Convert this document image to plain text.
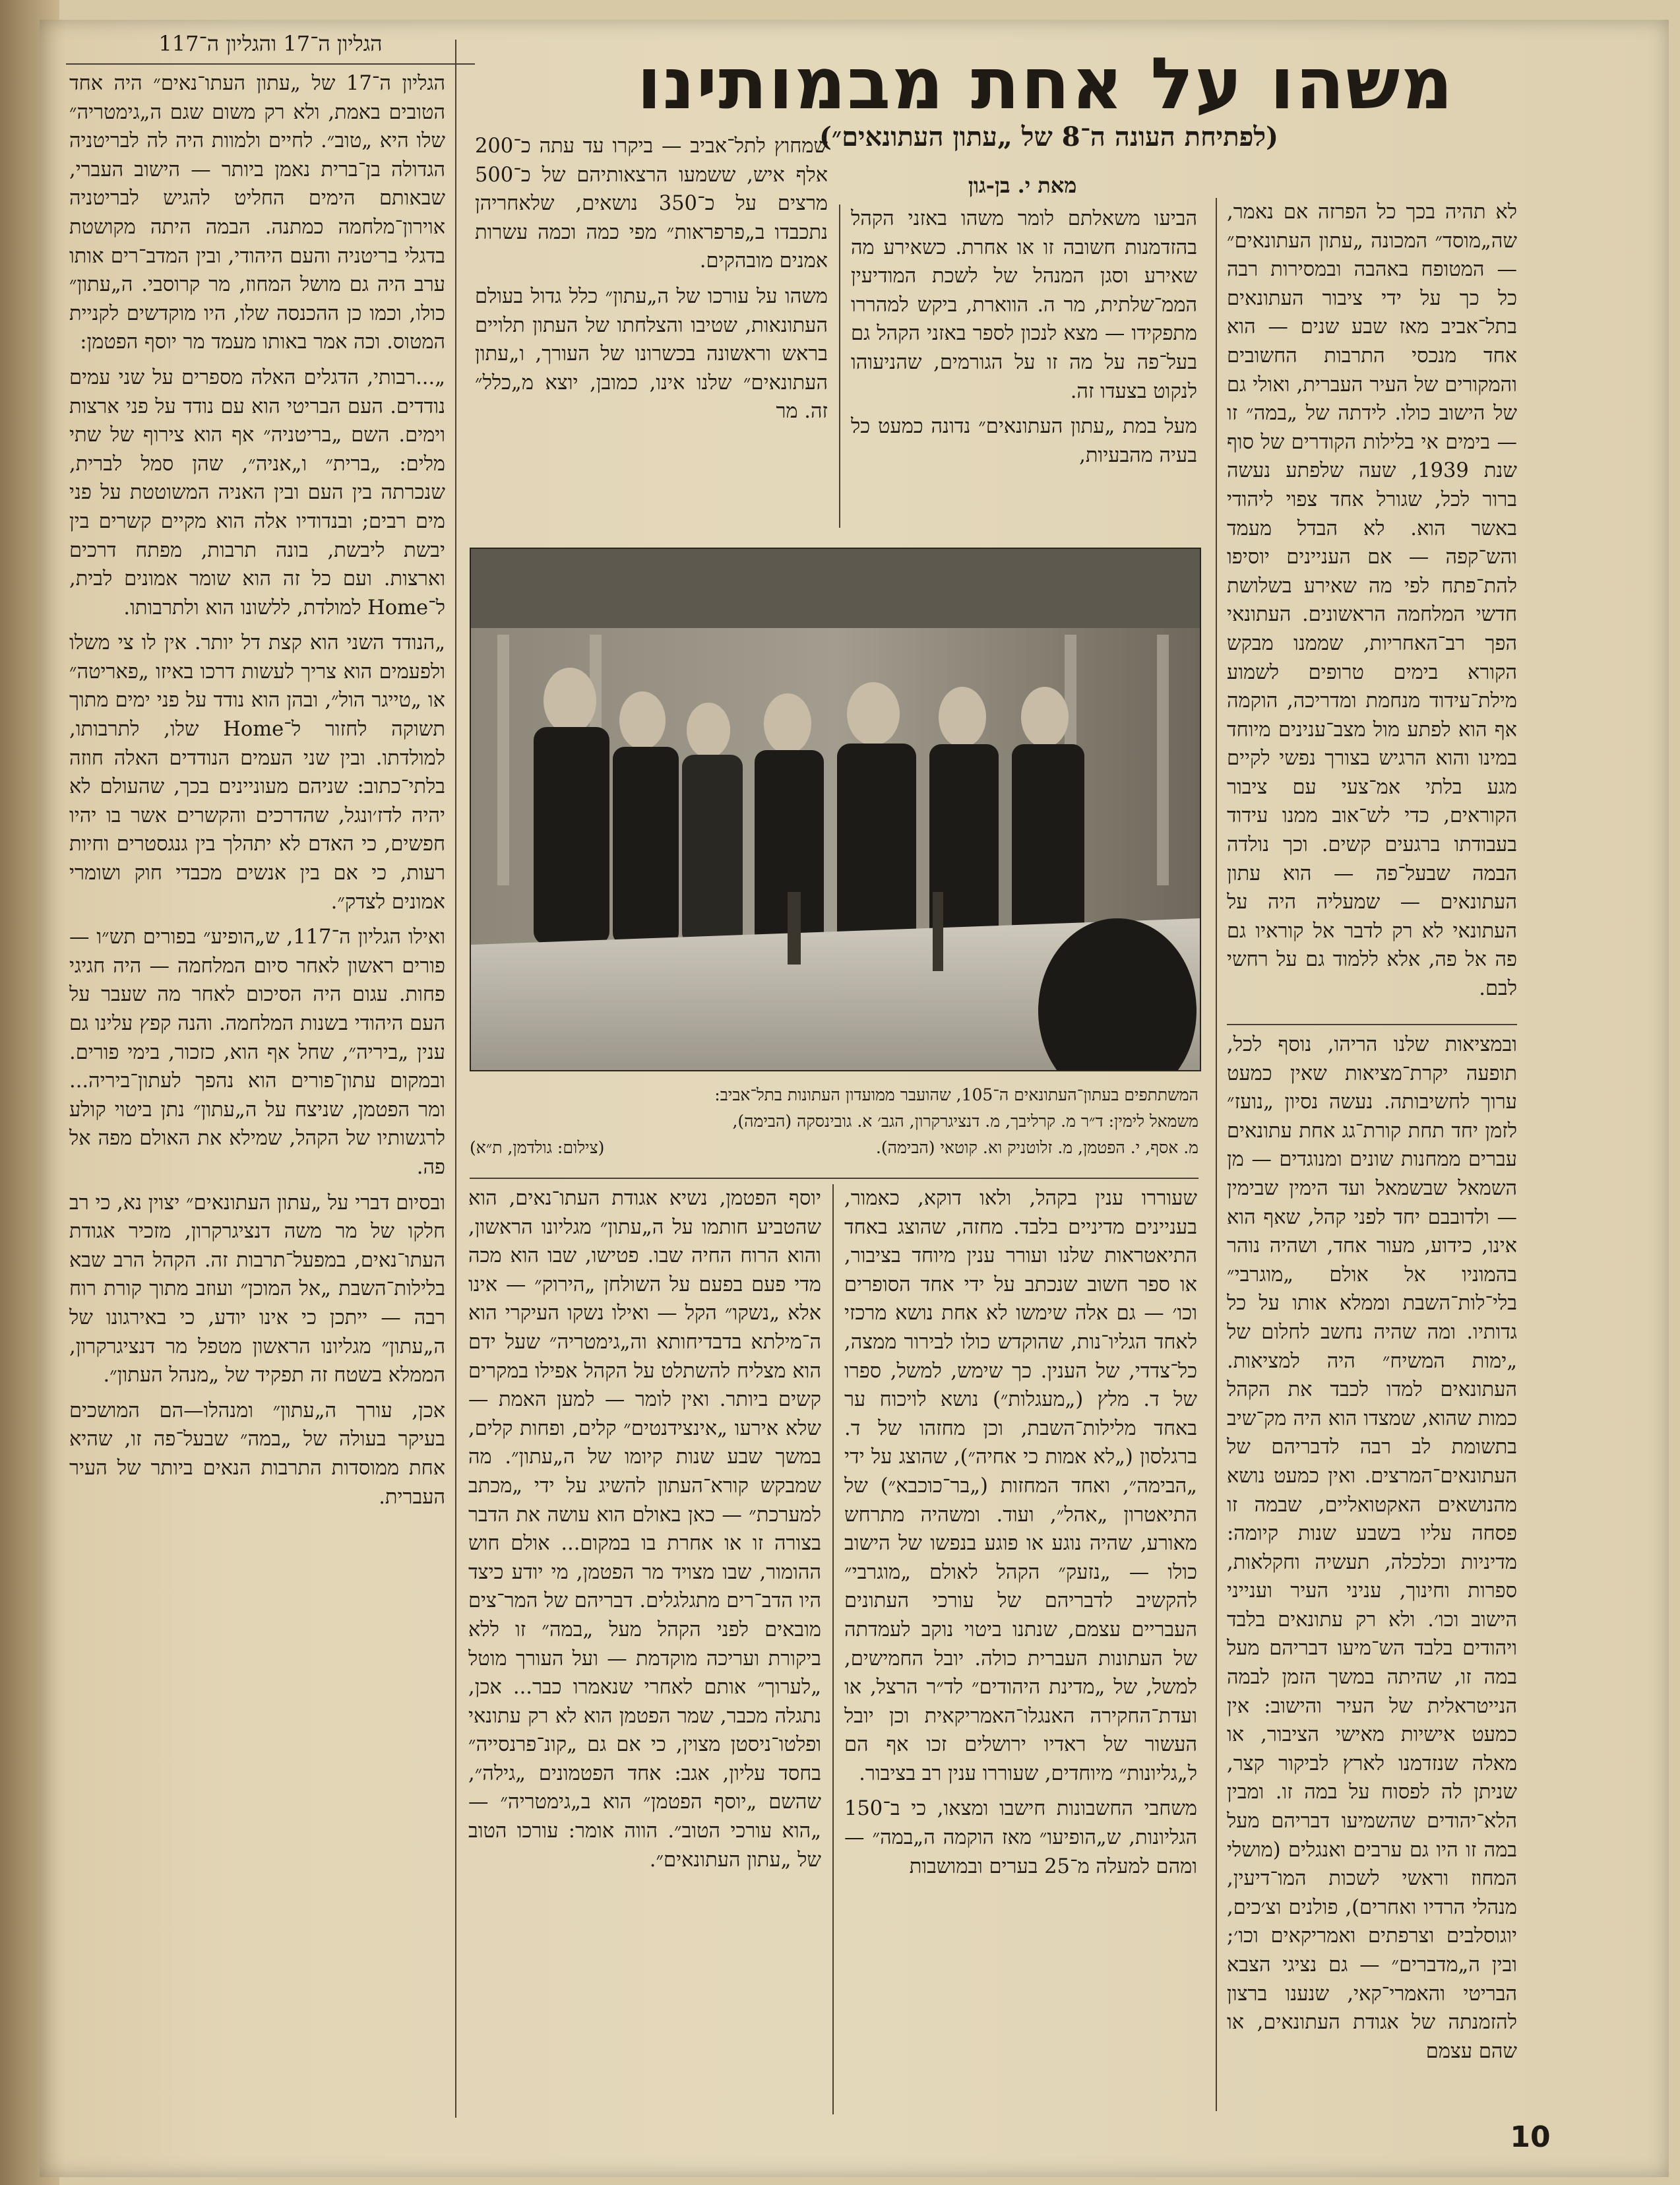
הגליון ה־17 והגליון ה־117	משהו על אחת מבמותינו
(לפתיחת העונה ה־8 של „עתון העתונאים״)
מאת י. בן-גון

לא תהיה בכך כל הפרזה אם נאמר, שה„מוסד״ המכונה „עתון העתונאים״ — המטופח באהבה ובמסירות רבה כל כך על ידי ציבור העתונאים בתל־אביב מאז שבע שנים — הוא אחד מנכסי התרבות החשובים והמקורים של העיר העברית, ואולי גם של הישוב כולו. לידתה של „במה״ זו — בימים אי בלילות הקודרים של סוף שנת 1939, שעה שלפתע נעשה ברור לכל, שגורל אחד צפוי ליהודי באשר הוא. לא הבדל מעמד והש־קפה — אם העניינים יוסיפו להת־פתח לפי מה שאירע בשלושת חדשי המלחמה הראשונים. העתונאי הפך רב־האחריות, שממנו מבקש הקורא בימים טרופים לשמוע מילת־עידוד מנחמת ומדריכה, הוקמה אף הוא לפתע מול מצב־ענינים מיוחד במינו והוא הרגיש בצורך נפשי לקיים מגע בלתי אמ־צעי עם ציבור הקוראים, כדי לש־אוב ממנו עידוד בעבודתו ברגעים קשים. וכך נולדה הבמה שבעל־פה — הוא עתון העתונאים — שמעליה היה על העתונאי לא רק לדבר אל קוראיו גם פה אל פה, אלא ללמוד גם על רחשי לבם.

ובמציאות שלנו הריהו, נוסף לכל, תופעה יקרת־מציאות שאין כמעט ערוך לחשיבותה. נעשה נסיון „נועז״ לזמן יחד תחת קורת־גג אחת עתונאים עברים ממחנות שונים ומנוגדים — מן השמאל שבשמאל ועד הימין שבימין — ולדובבם יחד לפני קהל, שאף הוא אינו, כידוע, מעור אחד, ושהיה נוהר בהמוניו אל אולם „מוגרבי״ בלי־לות־השבת וממלא אותו על כל גדותיו. ומה שהיה נחשב לחלום של „ימות המשיח״ היה למציאות. העתונאים למדו לכבד את הקהל כמות שהוא, שמצדו הוא היה מק־שיב בתשומת לב רבה לדבריהם של העתונאים־המרצים. ואין כמעט נושא מהנושאים האקטואליים, שבמה זו פסחה עליו בשבע שנות קיומה: מדיניות וכלכלה, תעשיה וחקלאות, ספרות וחינוך, עניני העיר וענייני הישוב וכו׳. ולא רק עתונאים בלבד ויהודים בלבד הש־מיעו דבריהם מעל במה זו, שהיתה במשך הזמן לבמה הנייטראלית של העיר והישוב: אין כמעט אישיות מאישי הציבור, או מאלה שנזדמנו לארץ לביקור קצר, שניתן לה לפסוח על במה זו. ומבין הלא־יהודים שהשמיעו דבריהם מעל במה זו היו גם ערבים ואנגלים (מושלי המחוז וראשי לשכות המו־דיעין, מנהלי הרדיו ואחרים), פולנים וצ׳כים, יוגוסלבים וצרפתים ואמריקאים וכו׳; ובין ה„מדברים״ — גם נציגי הצבא הבריטי והאמרי־קאי, שנענו ברצון להזמנתה של אגודת העתונאים, או שהם עצמם

הביעו משאלתם לומר משהו באזני הקהל בהזדמנות חשובה זו או אחרת. כשאירע מה שאירע וסגן המנהל של לשכת המודיעין הממ־שלתית, מר ה. הווארת, ביקש למהררו מתפקידו — מצא לנכון לספר באזני הקהל גם בעל־פה על מה זו על הגורמים, שהניעוהו לנקוט בצעדו זה.

מעל במת „עתון העתונאים״ נדונה כמעט כל בעיה מהבעיות,

שמחוץ לתל־אביב — ביקרו עד עתה כ־200 אלף איש, ששמעו הרצאותיהם של כ־500 מרצים על כ־350 נושאים, שלאחריהן נתכבדו ב„פרפראות״ מפי כמה וכמה עשרות אמנים מובהקים.

משהו על עורכו של ה„עתון״ כלל גדול בעולם העתונאות, שטיבו והצלחתו של העתון תלויים בראש וראשונה בכשרונו של העורך, ו„עתון העתונאים״ שלנו אינו, כמובן, יוצא מ„כלל״ זה. מר

המשתתפים בעתון־העתונאים ה־105, שהועבר ממועדון העתונות בתל־אביב:
משמאל לימין: ד״ר מ. קרליבך, מ. דנציגרקרון, הגב׳ א. גובינסקה (הבימה),
מ. אסף, י. הפטמן, מ. זלוטניק וא. קוטאי (הבימה).
(צילום: גולדמן, ת״א)

שעוררו ענין בקהל, ולאו דוקא, כאמור, בעניינים מדיניים בלבד. מחזה, שהוצג באחד התיאטראות שלנו ועורר ענין מיוחד בציבור, או ספר חשוב שנכתב על ידי אחד הסופרים וכו׳ — גם אלה שימשו לא אחת נושא מרכזי לאחד הגליו־נות, שהוקדש כולו לבירור ממצה, כל־צדדי, של הענין. כך שימש, למשל, ספרו של ד. מלץ („מעגלות״) נושא לויכוח ער באחד מלילות־השבת, וכן מחזהו של ד. ברגלסון („לא אמות כי אחיה״), שהוצג על ידי „הבימה״, ואחד המחזות („בר־כוכבא״) של התיאטרון „אהל״, ועוד. ומשהיה מתרחש מאורע, שהיה נוגע או פוגע בנפשו של הישוב כולו — „נזעק״ הקהל לאולם „מוגרבי״ להקשיב לדבריהם של עורכי העתונים העבריים עצמם, שנתנו ביטוי נוקב לעמדתה של העתונות העברית כולה. יובל החמישים, למשל, של „מדינת היהודים״ לד״ר הרצל, או ועדת־החקירה האנגלו־האמריקאית וכן יובל העשור של ראדיו ירושלים זכו אף הם ל„גליונות״ מיוחדים, שעוררו ענין רב בציבור.

משחבי החשבונות חישבו ומצאו, כי ב־150 הגליונות, ש„הופיעו״ מאז הוקמה ה„במה״ — ומהם למעלה מ־25 בערים ובמושבות

יוסף הפטמן, נשיא אגודת העתו־נאים, הוא שהטביע חותמו על ה„עתון״ מגליונו הראשון, והוא הרוח החיה שבו. פטישו, שבו הוא מכה מדי פעם בפעם על השולחן „הירוק״ — אינו אלא „נשקו״ הקל — ואילו נשקו העיקרי הוא ה־מילתא בדבדיחותא וה„גימטריה״ שעל ידם הוא מצליח להשתלט על הקהל אפילו במקרים קשים ביותר. ואין לומר — למען האמת — שלא אירעו „אינצידנטים״ קלים, ופחות קלים, במשך שבע שנות קיומו של ה„עתון״. מה שמבקש קורא־העתון להשיג על ידי „מכתב למערכת״ — כאן באולם הוא עושה את הדבר בצורה זו או אחרת בו במקום... אולם חוש ההומור, שבו מצויד מר הפטמן, מי יודע כיצד היו הדב־רים מתגלגלים. דבריהם של המר־צים מובאים לפני הקהל מעל „במה״ זו ללא ביקורת ועריכה מוקדמת — ועל העורך מוטל „לערוך״ אותם לאחרי שנאמרו כבר... אכן, נתגלה מכבר, שמר הפטמן הוא לא רק עתונאי ופלטו־ניסטן מצוין, כי אם גם „קונ־פרנסייה״ בחסד עליון, אגב: אחד הפטמונים „גילה״, שהשם „יוסף הפטמן״ הוא ב„גימטריה״ — „הוא עורכי הטוב״. הווה אומר: עורכו הטוב של „עתון העתונאים״.

הגליון ה־17 של „עתון העתו־נאים״ היה אחד הטובים באמת, ולא רק משום שגם ה„גימטריה״ שלו היא „טוב״. לחיים ולמוות היה לה לבריטניה הגדולה בן־ברית נאמן ביותר — הישוב העברי, שבאותם הימים החליט להגיש לבריטניה אוירון־מלחמה כמתנה. הבמה היתה מקושטת בדגלי בריטניה והעם היהודי, ובין המדב־רים אותו ערב היה גם מושל המחוז, מר קרוסבי. ה„עתון״ כולו, וכמו כן ההכנסה שלו, היו מוקדשים לקניית המטוס. וכה אמר באותו מעמד מר יוסף הפטמן:

„...רבותי, הדגלים האלה מספרים על שני עמים נודדים. העם הבריטי הוא עם נודד על פני ארצות וימים. השם „בריטניה״ אף הוא צירוף של שתי מלים: „ברית״ ו„אניה״, שהן סמל לברית, שנכרתה בין העם ובין האניה המשוטטת על פני מים רבים; ובנדודיו אלה הוא מקיים קשרים בין יבשת ליבשת, בונה תרבות, מפתח דרכים וארצות. ועם כל זה הוא שומר אמונים לבית, ל־Home למולדת, ללשונו הוא ולתרבותו.

„הנודד השני הוא קצת דל יותר. אין לו צי משלו ולפעמים הוא צריך לעשות דרכו באיזו „פאריטה״ או „טייגר הול״, ובהן הוא נודד על פני ימים מתוך תשוקה לחזור ל־Home שלו, לתרבותו, למולדתו. ובין שני העמים הנודדים האלה חוזה בלתי־כתוב: שניהם מעוניינים בכך, שהעולם לא יהיה לדז׳ונגל, שהדרכים והקשרים אשר בו יהיו חפשים, כי האדם לא יתהלך בין גנגסטרים וחיות רעות, כי אם בין אנשים מכבדי חוק ושומרי אמונים לצדק״.

ואילו הגליון ה־117, ש„הופיע״ בפורים תש״ו — פורים ראשון לאחר סיום המלחמה — היה חגיגי פחות. עגום היה הסיכום לאחר מה שעבר על העם היהודי בשנות המלחמה. והנה קפץ עלינו גם ענין „ביריה״, שחל אף הוא, כזכור, בימי פורים. ובמקום עתון־פורים הוא נהפך לעתון־ביריה... ומר הפטמן, שניצח על ה„עתון״ נתן ביטוי קולע לרגשותיו של הקהל, שמילא את האולם מפה אל פה.

ובסיום דברי על „עתון העתונאים״ יצוין נא, כי רב חלקו של מר משה דנציגרקרון, מזכיר אגודת העתו־נאים, במפעל־תרבות זה. הקהל הרב שבא בלילות־השבת „אל המוכן״ ועוזב מתוך קורת רוח רבה — ייתכן כי אינו יודע, כי באירגונו של ה„עתון״ מגליונו הראשון מטפל מר דנציגרקרון, הממלא בשטח זה תפקיד של „מנהל העתון״.

אכן, עורך ה„עתון״ ומנהלו—הם המושכים בעיקר בעולה של „במה״ שבעל־פה זו, שהיא אחת ממוסדות התרבות הנאים ביותר של העיר העברית.

10
